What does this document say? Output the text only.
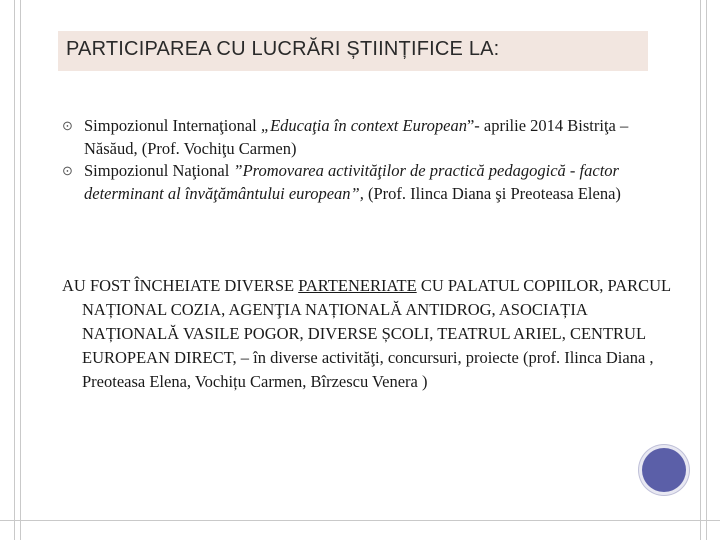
PARTICIPAREA CU LUCRĂRI ȘTIINȚIFICE LA:

⊙ Simpozionul Internaţional „Educaţia în context European”- aprilie 2014 Bistriţa – Năsăud, (Prof. Vochiţu Carmen)

⊙ Simpozionul Naţional ”Promovarea activităţilor de practică pedagogică - factor determinant al învăţământului european”, (Prof. Ilinca Diana şi Preoteasa Elena)

AU FOST ÎNCHEIATE DIVERSE PARTENERIATE CU PALATUL COPIILOR, PARCUL NAȚIONAL COZIA, AGENŢIA NAȚIONALĂ ANTIDROG, ASOCIAȚIA NAȚIONALĂ VASILE POGOR, DIVERSE ȘCOLI, TEATRUL ARIEL, CENTRUL EUROPEAN DIRECT, – în diverse activităţi, concursuri, proiecte (prof. Ilinca Diana , Preoteasa Elena, Vochițu Carmen, Bîrzescu Venera )
